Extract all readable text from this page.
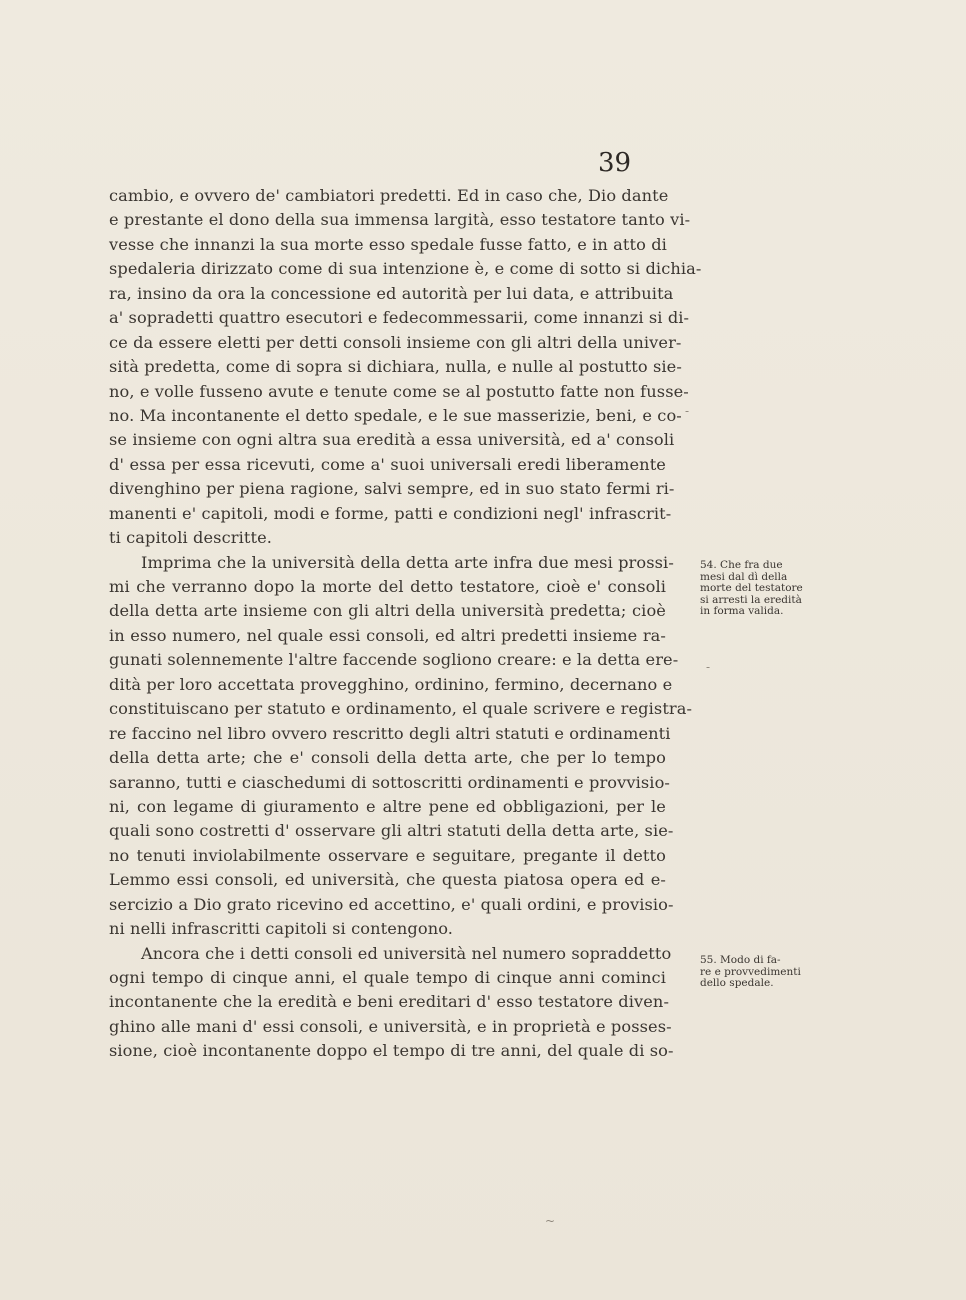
39
cambio, e ovvero de' cambiatori predetti. Ed in caso che, Dio dante
e prestante el dono della sua immensa largità, esso testatore tanto vi-
vesse che innanzi la sua morte esso spedale fusse fatto, e in atto di
spedaleria dirizzato come di sua intenzione è, e come di sotto si dichia-
ra, insino da ora la concessione ed autorità per lui data, e attribuita
a' sopradetti quattro esecutori e fedecommessarii, come innanzi si di-
ce da essere eletti per detti consoli insieme con gli altri della univer-
sità predetta, come di sopra si dichiara, nulla, e nulle al postutto sie-
no, e volle fusseno avute e tenute come se al postutto fatte non fusse-
no. Ma incontanente el detto spedale, e le sue masserizie, beni, e co-
se insieme con ogni altra sua eredità a essa università, ed a' consoli
d' essa per essa ricevuti, come a' suoi universali eredi liberamente
divenghino per piena ragione, salvi sempre, ed in suo stato fermi ri-
manenti e' capitoli, modi e forme, patti e condizioni negl' infrascrit-
ti capitoli descritte.
Imprima che la università della detta arte infra due mesi prossi-
mi che verranno dopo la morte del detto testatore, cioè e' consoli
della detta arte insieme con gli altri della università predetta; cioè
in esso numero, nel quale essi consoli, ed altri predetti insieme ra-
gunati solennemente l'altre faccende sogliono creare: e la detta ere-
dità per loro accettata provegghino, ordinino, fermino, decernano e
constituiscano per statuto e ordinamento, el quale scrivere e registra-
re faccino nel libro ovvero rescritto degli altri statuti e ordinamenti
della detta arte; che e' consoli della detta arte, che per lo tempo
saranno, tutti e ciaschedumi di sottoscritti ordinamenti e provvisio-
ni, con legame di giuramento e altre pene ed obbligazioni, per le
quali sono costretti d' osservare gli altri statuti della detta arte, sie-
no tenuti inviolabilmente osservare e seguitare, pregante il detto
Lemmo essi consoli, ed università, che questa piatosa opera ed e-
sercizio a Dio grato ricevino ed accettino, e' quali ordini, e provisio-
ni nelli infrascritti capitoli si contengono.
Ancora che i detti consoli ed università nel numero sopraddetto
ogni tempo di cinque anni, el quale tempo di cinque anni cominci
incontanente che la eredità e beni ereditari d' esso testatore diven-
ghino alle mani d' essi consoli, e università, e in proprietà e posses-
sione, cioè incontanente doppo el tempo di tre anni, del quale di so-
54. Che fra due
mesi dal dì della
morte del testatore
si arresti la eredità
in forma valida.
55. Modo di fa-
re e provvedimenti
dello spedale.
-
-
~
